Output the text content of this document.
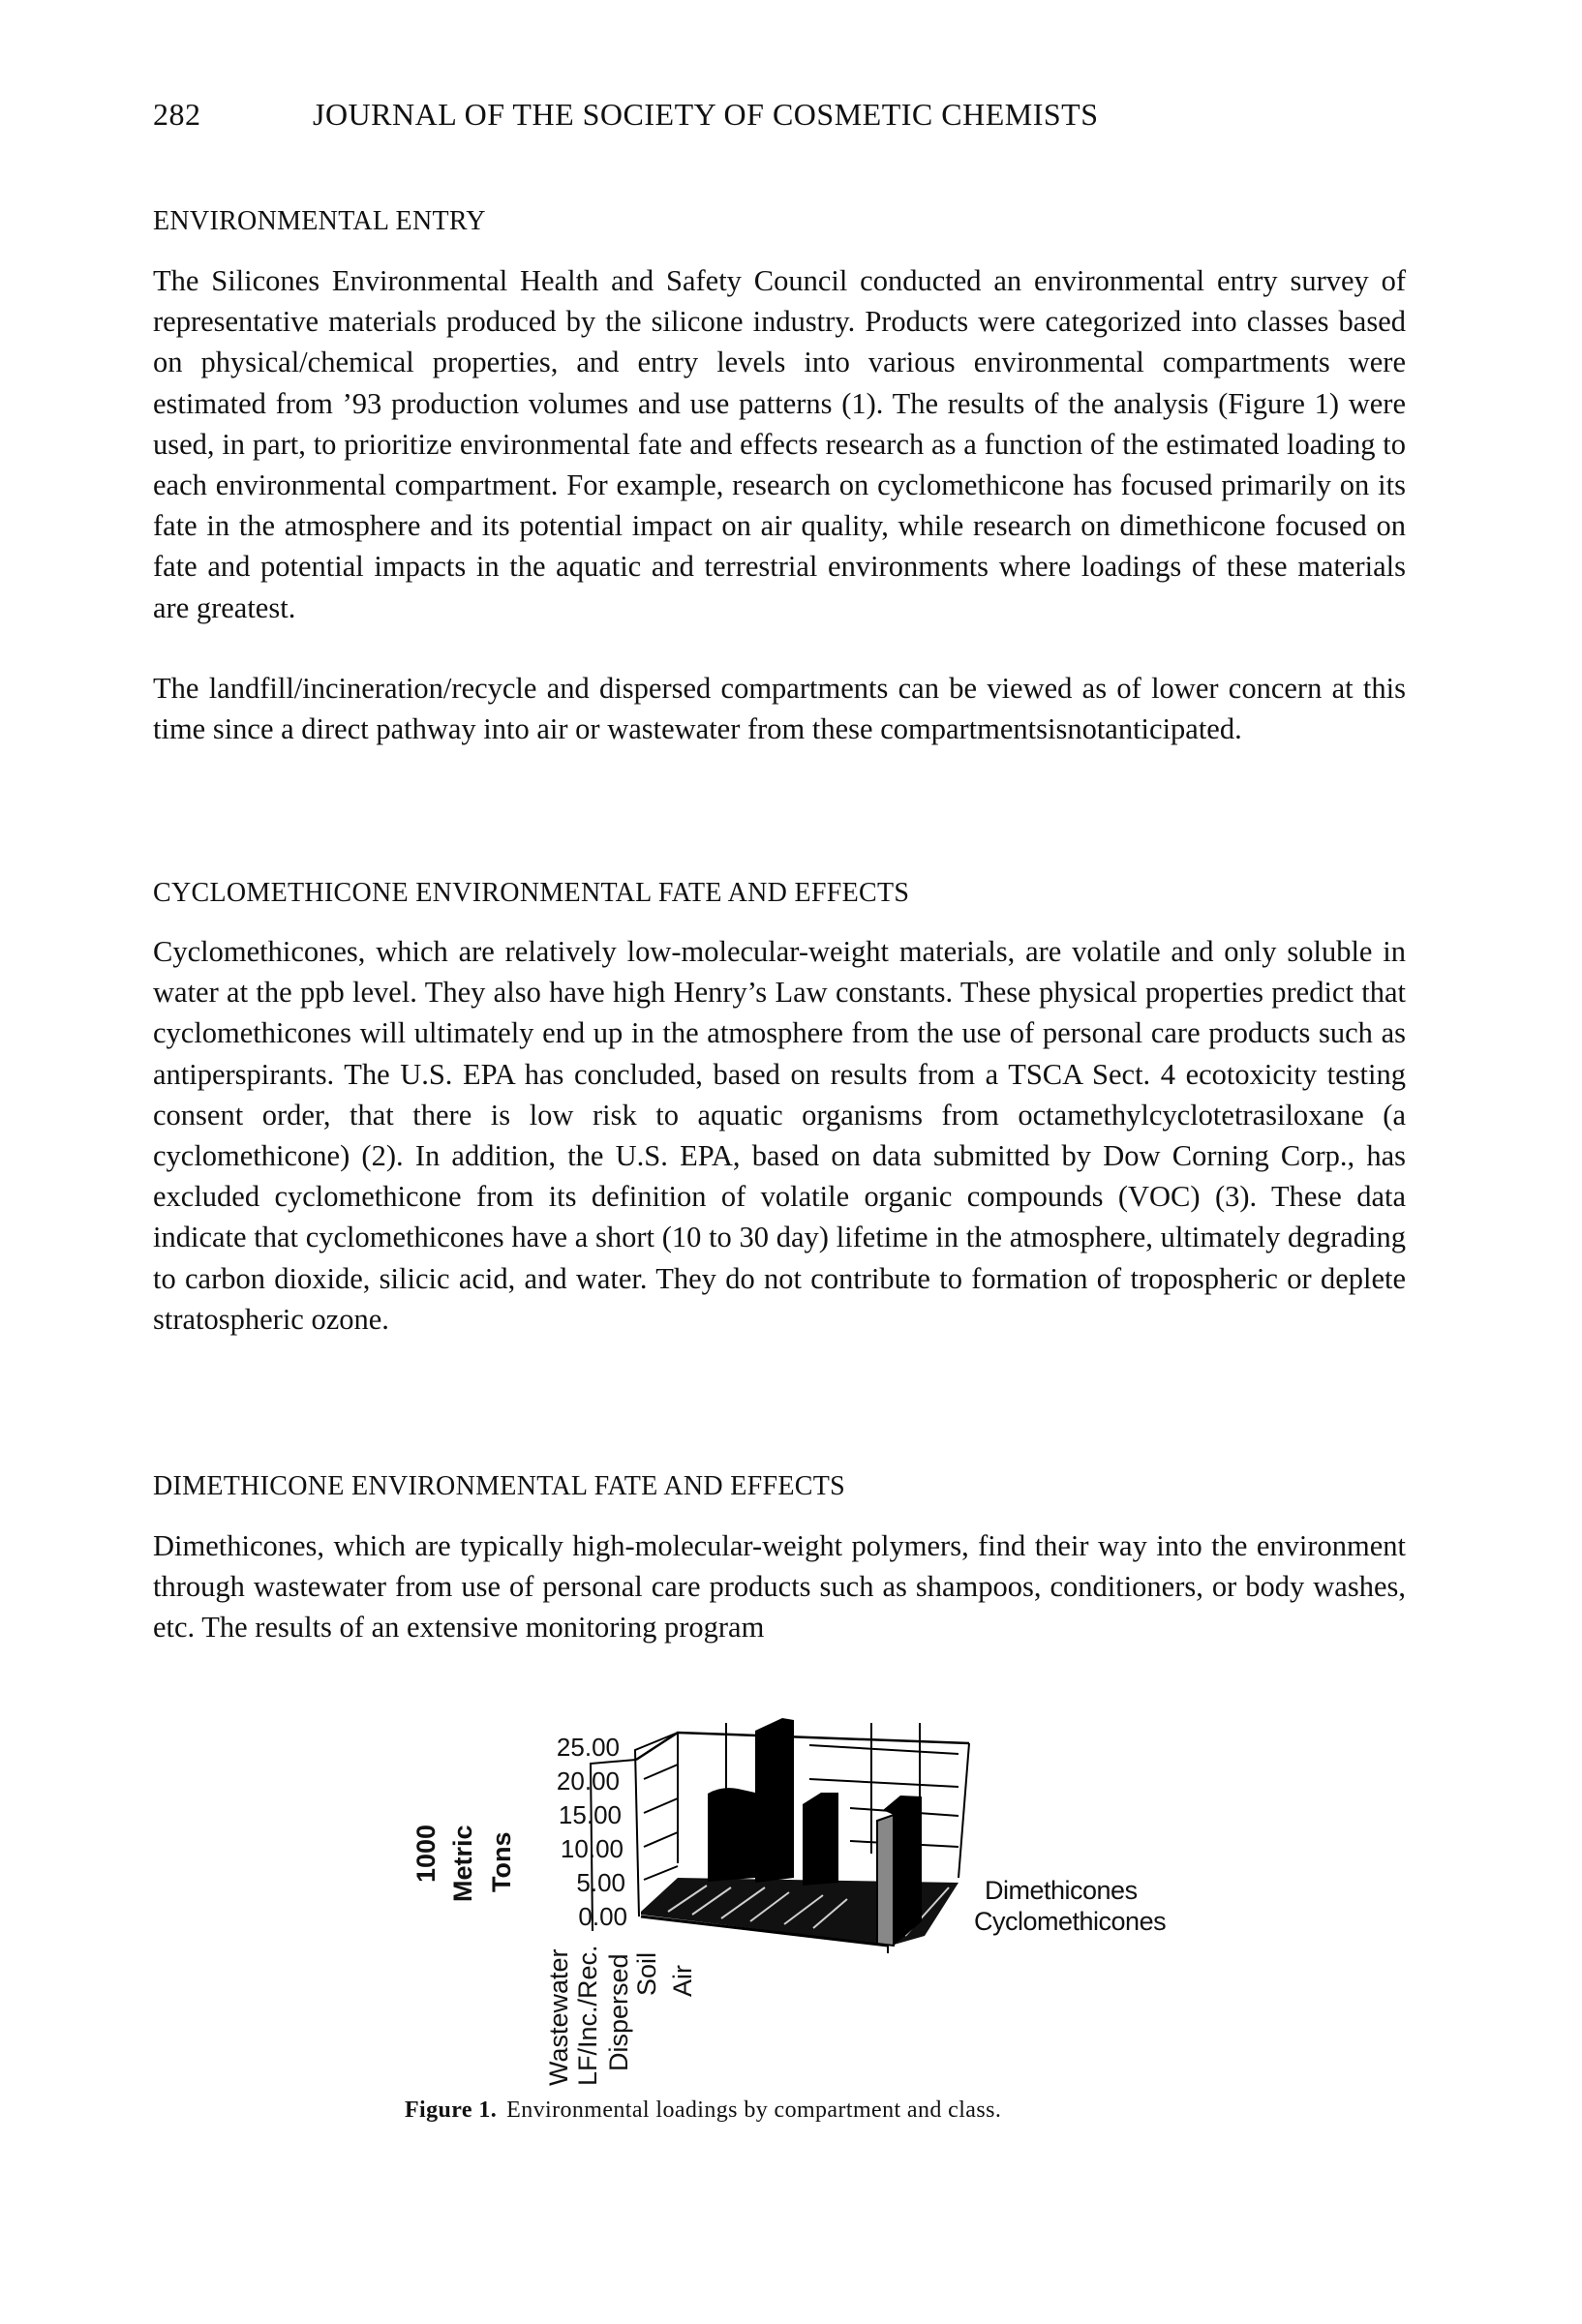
282	JOURNAL OF THE SOCIETY OF COSMETIC CHEMISTS
ENVIRONMENTAL ENTRY

The Silicones Environmental Health and Safety Council conducted an environmental entry survey of representative materials produced by the silicone industry. Products were categorized into classes based on physical/chemical properties, and entry levels into various environmental compartments were estimated from ’93 production volumes and use patterns (1). The results of the analysis (Figure 1) were used, in part, to prioritize environmental fate and effects research as a function of the estimated loading to each environmental compartment. For example, research on cyclomethicone has focused primarily on its fate in the atmosphere and its potential impact on air quality, while research on dimethicone focused on fate and potential impacts in the aquatic and terrestrial environments where loadings of these materials are greatest.

The landfill/incineration/recycle and dispersed compartments can be viewed as of lower concern at this time since a direct pathway into air or wastewater from these compartmentsisnotanticipated.

CYCLOMETHICONE ENVIRONMENTAL FATE AND EFFECTS

Cyclomethicones, which are relatively low-molecular-weight materials, are volatile and only soluble in water at the ppb level. They also have high Henry’s Law constants. These physical properties predict that cyclomethicones will ultimately end up in the atmosphere from the use of personal care products such as antiperspirants. The U.S. EPA has concluded, based on results from a TSCA Sect. 4 ecotoxicity testing consent order, that there is low risk to aquatic organisms from octamethylcyclotetrasiloxane (a cyclomethicone) (2). In addition, the U.S. EPA, based on data submitted by Dow Corning Corp., has excluded cyclomethicone from its definition of volatile organic compounds (VOC) (3). These data indicate that cyclomethicones have a short (10 to 30 day) lifetime in the atmosphere, ultimately degrading to carbon dioxide, silicic acid, and water. They do not contribute to formation of tropospheric or deplete stratospheric ozone.

DIMETHICONE ENVIRONMENTAL FATE AND EFFECTS

Dimethicones, which are typically high-molecular-weight polymers, find their way into the environment through wastewater from use of personal care products such as shampoos, conditioners, or body washes, etc. The results of an extensive monitoring program

1000 Metric Tons
25.00
20.00
15.00
10.00
5.00
0.00
Dimethicones
Cyclomethicones
Wastewater LF/Inc./Rec. Dispersed Soil Air
Figure 1. Environmental loadings by compartment and class.
